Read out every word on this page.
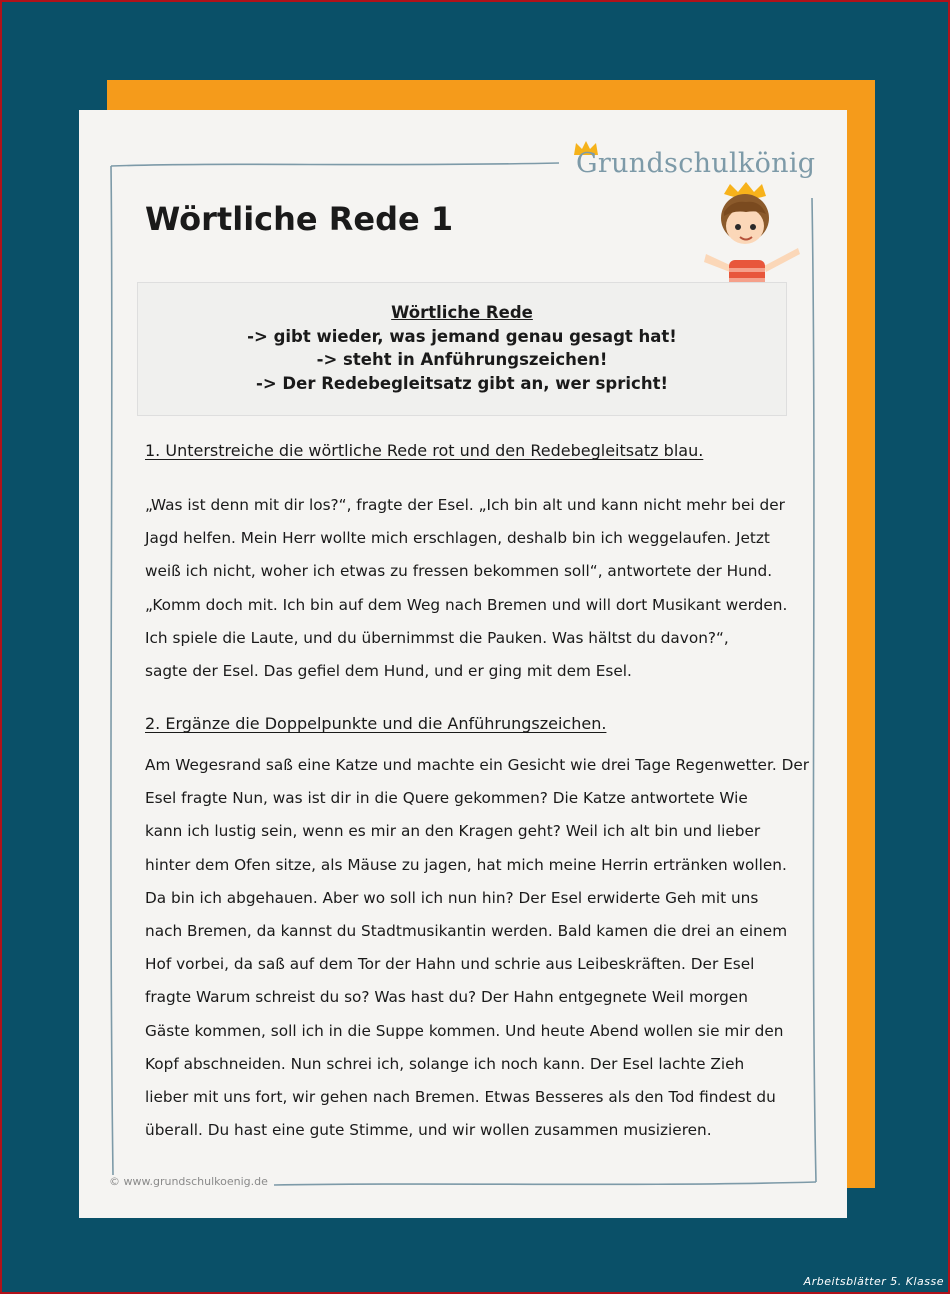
Grundschulkönig
Wörtliche Rede 1
Wörtliche Rede
-> gibt wieder, was jemand genau gesagt hat!
-> steht in Anführungszeichen!
-> Der Redebegleitsatz gibt an, wer spricht!
1. Unterstreiche die wörtliche Rede rot und den Redebegleitsatz blau.
„Was ist denn mit dir los?“, fragte der Esel. „Ich bin alt und kann nicht mehr bei der
Jagd helfen. Mein Herr wollte mich erschlagen, deshalb bin ich weggelaufen. Jetzt
weiß ich nicht, woher ich etwas zu fressen bekommen soll“, antwortete der Hund.
„Komm doch mit. Ich bin auf dem Weg nach Bremen und will dort Musikant werden.
Ich spiele die Laute, und du übernimmst die Pauken. Was hältst du davon?“,
sagte der Esel. Das gefiel dem Hund, und er ging mit dem Esel.
2. Ergänze die Doppelpunkte und die Anführungszeichen.
Am Wegesrand saß eine Katze und machte ein Gesicht wie drei Tage Regenwetter. Der
Esel fragte Nun, was ist dir in die Quere gekommen? Die Katze antwortete Wie
kann ich lustig sein, wenn es mir an den Kragen geht? Weil ich alt bin und lieber
hinter dem Ofen sitze, als Mäuse zu jagen, hat mich meine Herrin ertränken wollen.
Da bin ich abgehauen. Aber wo soll ich nun hin? Der Esel erwiderte Geh mit uns
nach Bremen, da kannst du Stadtmusikantin werden. Bald kamen die drei an einem
Hof vorbei, da saß auf dem Tor der Hahn und schrie aus Leibeskräften. Der Esel
fragte Warum schreist du so? Was hast du? Der Hahn entgegnete Weil morgen
Gäste kommen, soll ich in die Suppe kommen. Und heute Abend wollen sie mir den
Kopf abschneiden. Nun schrei ich, solange ich noch kann. Der Esel lachte Zieh
lieber mit uns fort, wir gehen nach Bremen. Etwas Besseres als den Tod findest du
überall. Du hast eine gute Stimme, und wir wollen zusammen musizieren.
© www.grundschulkoenig.de
Arbeitsblätter 5. Klasse
